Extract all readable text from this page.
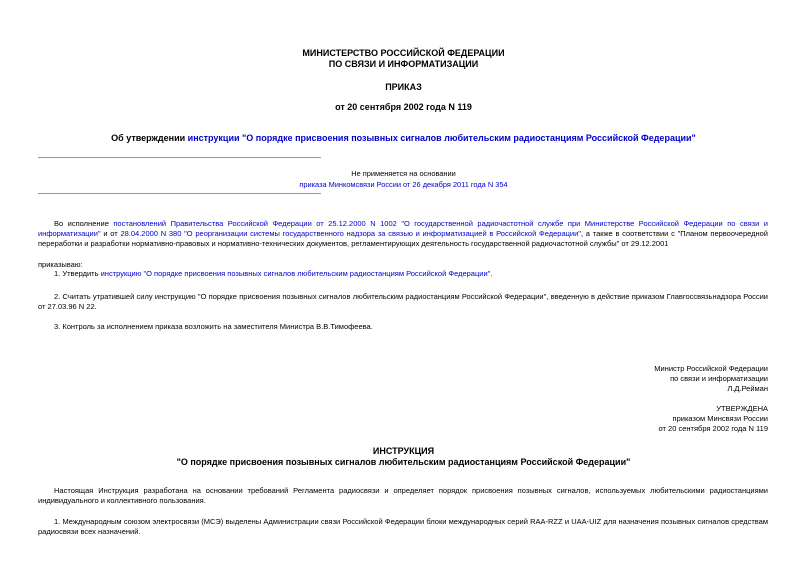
МИНИСТЕРСТВО РОССИЙСКОЙ ФЕДЕРАЦИИ
ПО СВЯЗИ И ИНФОРМАТИЗАЦИИ
ПРИКАЗ
от 20 сентября 2002 года N 119
Об утверждении инструкции "О порядке присвоения позывных сигналов любительским радиостанциям Российской Федерации"
Не применяется на основании
приказа Минкомсвязи России от 26 декабря 2011 года N 354
Во исполнение постановлений Правительства Российской Федерации от 25.12.2000 N 1002 "О государственной радиочастотной службе при Министерстве Российской Федерации по связи и информатизации" и от 28.04.2000 N 380 "О реорганизации системы государственного надзора за связью и информатизацией в Российской Федерации", а также в соответствии с "Планом первоочередной переработки и разработки нормативно-правовых и нормативно-технических документов, регламентирующих деятельность государственной радиочастотной службы" от 29.12.2001
приказываю:
1. Утвердить инструкцию "О порядке присвоения позывных сигналов любительским радиостанциям Российской Федерации".
2. Считать утратившей силу инструкцию "О порядке присвоения позывных сигналов любительским радиостанциям Российской Федерации", введенную в действие приказом Главгоссвязьнадзора России от 27.03.96 N 22.
3. Контроль за исполнением приказа возложить на заместителя Министра В.В.Тимофеева.
Министр Российской Федерации
по связи и информатизации
Л.Д.Рейман
УТВЕРЖДЕНА
приказом Минсвязи России
от 20 сентября 2002 года N 119
ИНСТРУКЦИЯ
"О порядке присвоения позывных сигналов любительским радиостанциям Российской Федерации"
Настоящая Инструкция разработана на основании требований Регламента радиосвязи и определяет порядок присвоения позывных сигналов, используемых любительскими радиостанциями индивидуального и коллективного пользования.
1. Международным союзом электросвязи (МСЭ) выделены Администрации связи Российской Федерации блоки международных серий RAA-RZZ и UAA-UIZ для назначения позывных сигналов средствам радиосвязи всех назначений.
